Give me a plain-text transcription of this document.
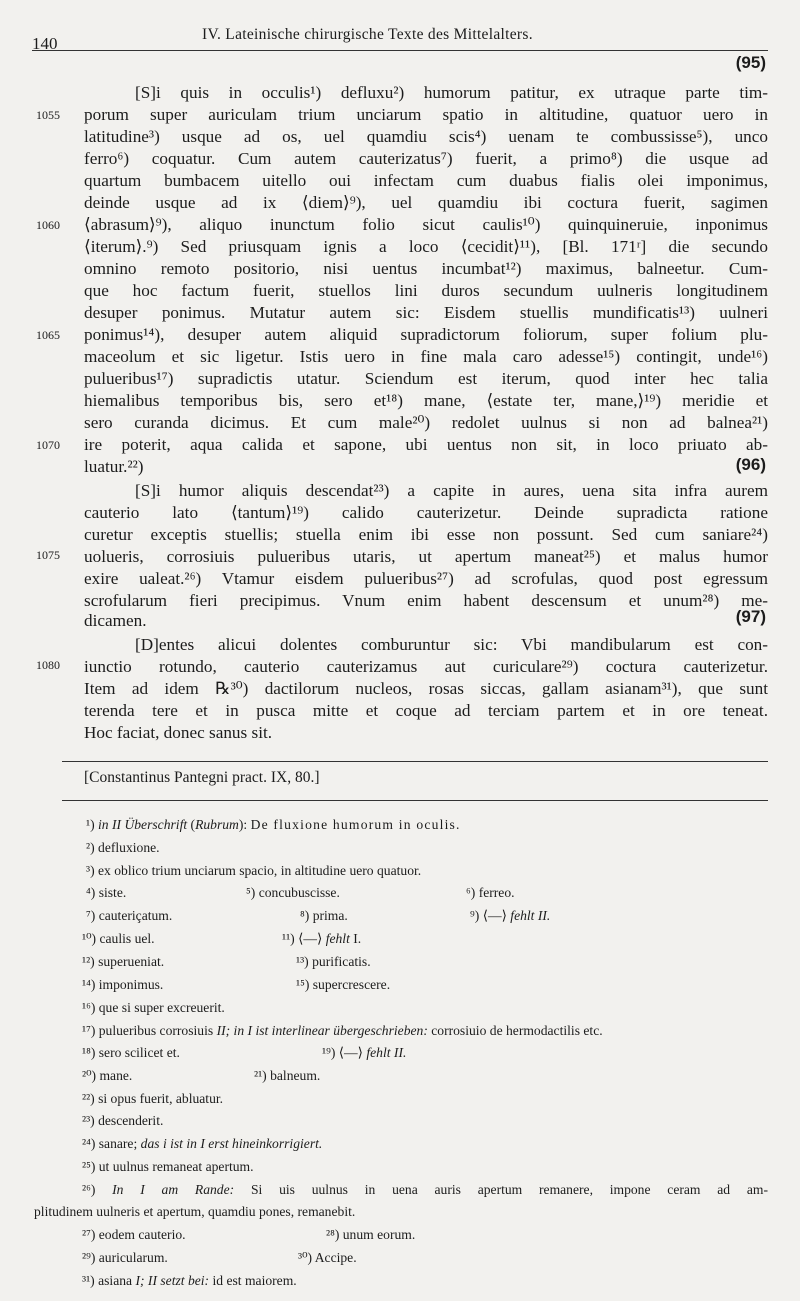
140	IV. Lateinische chirurgische Texte des Mittelalters.
(95)
(96)
(97)
1055
1060
1065
1070
1075
1080
[S]i quis in occulis¹) defluxu²) humorum patitur, ex utraque parte tim-
porum super auriculam trium unciarum spatio in altitudine, quatuor uero in
latitudine³) usque ad os, uel quamdiu scis⁴) uenam te combussisse⁵), unco
ferro⁶) coquatur. Cum autem cauterizatus⁷) fuerit, a primo⁸) die usque ad
quartum bumbacem uitello oui infectam cum duabus fialis olei imponimus,
deinde usque ad ix ⟨diem⟩⁹), uel quamdiu ibi coctura fuerit, sagimen
⟨abrasum⟩⁹), aliquo inunctum folio sicut caulis¹⁰) quinquineruie, inponimus
⟨iterum⟩.⁹) Sed priusquam ignis a loco ⟨cecidit⟩¹¹), [Bl. 171ʳ] die secundo
omnino remoto positorio, nisi uentus incumbat¹²) maximus, balneetur. Cum-
que hoc factum fuerit, stuellos lini duros secundum uulneris longitudinem
desuper ponimus. Mutatur autem sic: Eisdem stuellis mundificatis¹³) uulneri
ponimus¹⁴), desuper autem aliquid supradictorum foliorum, super folium plu-
maceolum et sic ligetur. Istis uero in fine mala caro adesse¹⁵) contingit, unde¹⁶)
pulueribus¹⁷) supradictis utatur. Sciendum est iterum, quod inter hec talia
hiemalibus temporibus bis, sero et¹⁸) mane, ⟨estate ter, mane,⟩¹⁹) meridie et
sero curanda dicimus. Et cum male²⁰) redolet uulnus si non ad balnea²¹)
ire poterit, aqua calida et sapone, ubi uentus non sit, in loco priuato ab-
luatur.²²)
[S]i humor aliquis descendat²³) a capite in aures, uena sita infra aurem
cauterio lato ⟨tantum⟩¹⁹) calido cauterizetur. Deinde supradicta ratione
curetur exceptis stuellis; stuella enim ibi esse non possunt. Sed cum saniare²⁴)
uolueris, corrosiuis pulueribus utaris, ut apertum maneat²⁵) et malus humor
exire ualeat.²⁶) Vtamur eisdem pulueribus²⁷) ad scrofulas, quod post egressum
scrofularum fieri precipimus. Vnum enim habent descensum et unum²⁸) me-
dicamen.
[D]entes alicui dolentes comburuntur sic: Vbi mandibularum est con-
iunctio rotundo, cauterio cauterizamus aut curiculare²⁹) coctura cauterizetur.
Item ad idem ℞³⁰) dactilorum nucleos, rosas siccas, gallam asianam³¹), que sunt
terenda tere et in pusca mitte et coque ad terciam partem et in ore teneat.
Hoc faciat, donec sanus sit.
[Constantinus Pantegni pract. IX, 80.]
¹) in II Überschrift (Rubrum): De fluxione humorum in oculis.
²) defluxione.
³) ex oblico trium unciarum spacio, in altitudine uero quatuor.
⁴) siste.	⁵) concubuscisse.	⁶) ferreo.
⁷) cauteriçatum.	⁸) prima.	⁹) ⟨—⟩ fehlt II.
¹⁰) caulis uel.	¹¹) ⟨—⟩ fehlt I.
¹²) superueniat.	¹³) purificatis.
¹⁴) imponimus.	¹⁵) supercrescere.
¹⁶) que si super excreuerit.
¹⁷) pulueribus corrosiuis II; in I ist interlinear übergeschrieben: corrosiuio de hermodactilis etc.
¹⁸) sero scilicet et.	¹⁹) ⟨—⟩ fehlt II.
²⁰) mane.	²¹) balneum.
²²) si opus fuerit, abluatur.
²³) descenderit.
²⁴) sanare; das i ist in I erst hineinkorrigiert.
²⁵) ut uulnus remaneat apertum.
²⁶) In I am Rande: Si uis uulnus in uena auris apertum remanere, impone ceram ad am-
plitudinem uulneris et apertum, quamdiu pones, remanebit.
²⁷) eodem cauterio.	²⁸) unum eorum.
²⁹) auricularum.	³⁰) Accipe.
³¹) asiana I; II setzt bei: id est maiorem.
